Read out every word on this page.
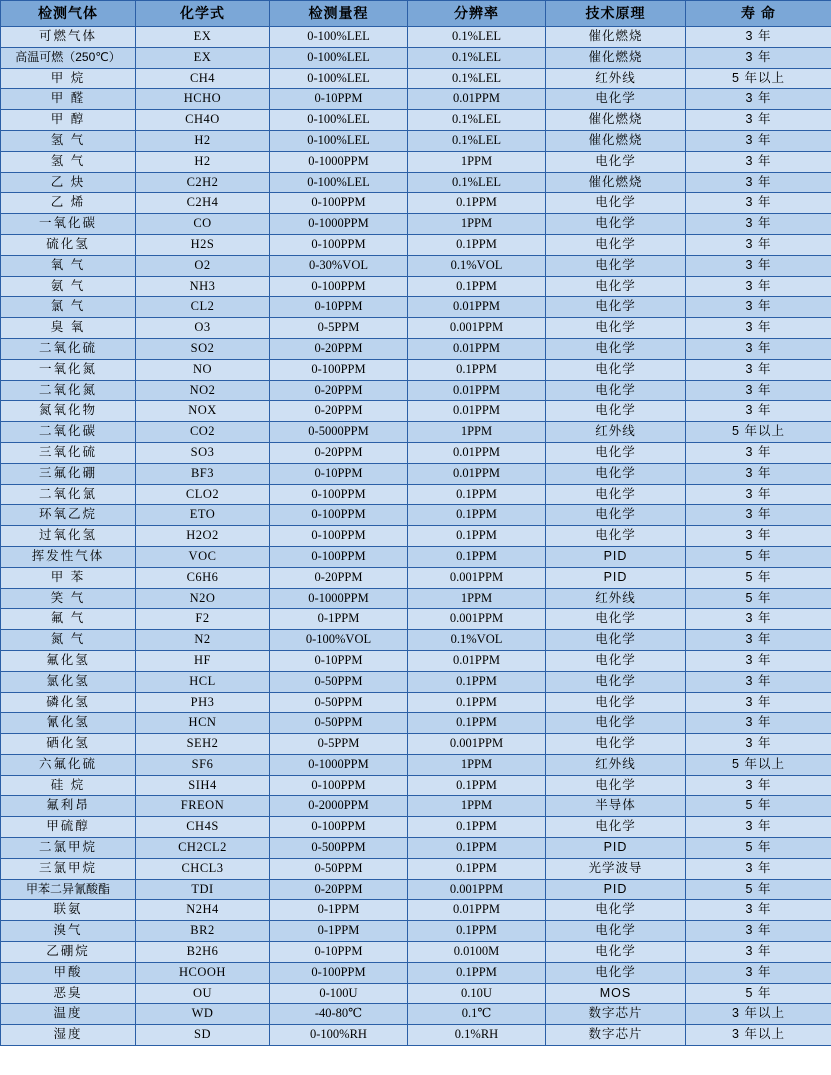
检测气体	化学式	检测量程	分辨率	技术原理	寿 命
可燃气体	EX	0-100%LEL	0.1%LEL	催化燃烧	3 年
高温可燃（250℃）	EX	0-100%LEL	0.1%LEL	催化燃烧	3 年
甲 烷	CH4	0-100%LEL	0.1%LEL	红外线	5 年以上
甲 醛	HCHO	0-10PPM	0.01PPM	电化学	3 年
甲 醇	CH4O	0-100%LEL	0.1%LEL	催化燃烧	3 年
氢 气	H2	0-100%LEL	0.1%LEL	催化燃烧	3 年
氢 气	H2	0-1000PPM	1PPM	电化学	3 年
乙 炔	C2H2	0-100%LEL	0.1%LEL	催化燃烧	3 年
乙 烯	C2H4	0-100PPM	0.1PPM	电化学	3 年
一氧化碳	CO	0-1000PPM	1PPM	电化学	3 年
硫化氢	H2S	0-100PPM	0.1PPM	电化学	3 年
氧 气	O2	0-30%VOL	0.1%VOL	电化学	3 年
氨 气	NH3	0-100PPM	0.1PPM	电化学	3 年
氯 气	CL2	0-10PPM	0.01PPM	电化学	3 年
臭 氧	O3	0-5PPM	0.001PPM	电化学	3 年
二氧化硫	SO2	0-20PPM	0.01PPM	电化学	3 年
一氧化氮	NO	0-100PPM	0.1PPM	电化学	3 年
二氧化氮	NO2	0-20PPM	0.01PPM	电化学	3 年
氮氧化物	NOX	0-20PPM	0.01PPM	电化学	3 年
二氧化碳	CO2	0-5000PPM	1PPM	红外线	5 年以上
三氧化硫	SO3	0-20PPM	0.01PPM	电化学	3 年
三氟化硼	BF3	0-10PPM	0.01PPM	电化学	3 年
二氧化氯	CLO2	0-100PPM	0.1PPM	电化学	3 年
环氧乙烷	ETO	0-100PPM	0.1PPM	电化学	3 年
过氧化氢	H2O2	0-100PPM	0.1PPM	电化学	3 年
挥发性气体	VOC	0-100PPM	0.1PPM	PID	5 年
甲 苯	C6H6	0-20PPM	0.001PPM	PID	5 年
笑 气	N2O	0-1000PPM	1PPM	红外线	5 年
氟 气	F2	0-1PPM	0.001PPM	电化学	3 年
氮 气	N2	0-100%VOL	0.1%VOL	电化学	3 年
氟化氢	HF	0-10PPM	0.01PPM	电化学	3 年
氯化氢	HCL	0-50PPM	0.1PPM	电化学	3 年
磷化氢	PH3	0-50PPM	0.1PPM	电化学	3 年
氰化氢	HCN	0-50PPM	0.1PPM	电化学	3 年
硒化氢	SEH2	0-5PPM	0.001PPM	电化学	3 年
六氟化硫	SF6	0-1000PPM	1PPM	红外线	5 年以上
硅 烷	SIH4	0-100PPM	0.1PPM	电化学	3 年
氟利昂	FREON	0-2000PPM	1PPM	半导体	5 年
甲硫醇	CH4S	0-100PPM	0.1PPM	电化学	3 年
二氯甲烷	CH2CL2	0-500PPM	0.1PPM	PID	5 年
三氯甲烷	CHCL3	0-50PPM	0.1PPM	光学波导	3 年
甲苯二异氰酸酯	TDI	0-20PPM	0.001PPM	PID	5 年
联氨	N2H4	0-1PPM	0.01PPM	电化学	3 年
溴气	BR2	0-1PPM	0.1PPM	电化学	3 年
乙硼烷	B2H6	0-10PPM	0.0100M	电化学	3 年
甲酸	HCOOH	0-100PPM	0.1PPM	电化学	3 年
恶臭	OU	0-100U	0.10U	MOS	5 年
温度	WD	-40-80℃	0.1℃	数字芯片	3 年以上
湿度	SD	0-100%RH	0.1%RH	数字芯片	3 年以上
